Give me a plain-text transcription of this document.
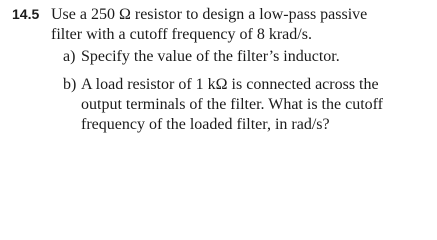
14.5 Use a 250 Ω resistor to design a low-pass passive
filter with a cutoff frequency of 8 krad/s.
a) Specify the value of the filter’s inductor.
b) A load resistor of 1 kΩ is connected across the
output terminals of the filter. What is the cutoff
frequency of the loaded filter, in rad/s?
